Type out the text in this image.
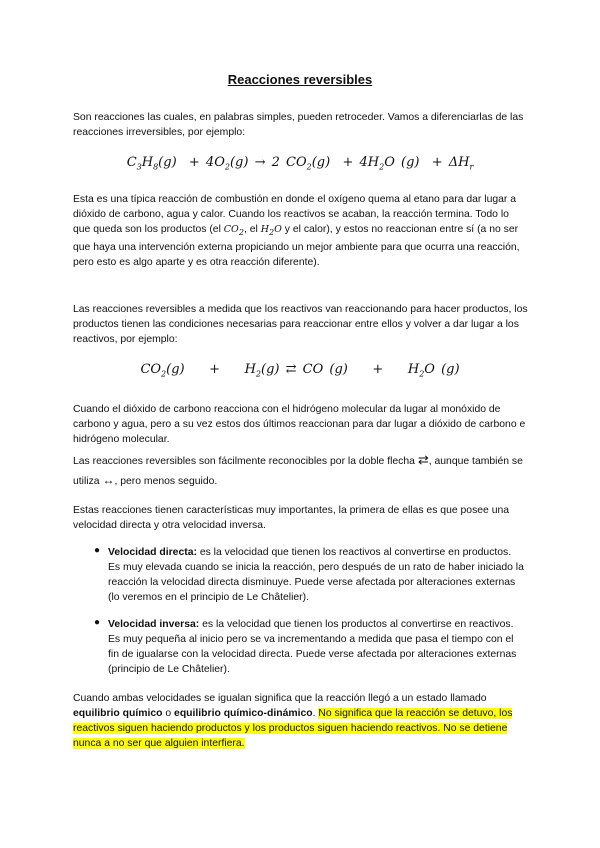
Reacciones reversibles
Son reacciones las cuales, en palabras simples, pueden retroceder. Vamos a diferenciarlas de las reacciones irreversibles, por ejemplo:
$C_3H_8(g) + 4O_2(g) \to 2$ $CO_2(g) + 4H_2O$ $(g) + \Delta H_r$
Esta es una típica reacción de combustión en donde el oxígeno quema al etano para dar lugar a dióxido de carbono, agua y calor. Cuando los reactivos se acaban, la reacción termina. Todo lo que queda son los productos (el $CO_2$, el $H_2O$ y el calor), y estos no reaccionan entre sí (a no ser que haya una intervención externa propiciando un mejor ambiente para que ocurra una reacción, pero esto es algo aparte y es otra reacción diferente).
Las reacciones reversibles a medida que los reactivos van reaccionando para hacer productos, los productos tienen las condiciones necesarias para reaccionar entre ellos y volver a dar lugar a los reactivos, por ejemplo:
$CO_2(g) + H_2(g)$ ⇄ CO $(g) + H_2O$ (g)
Cuando el dióxido de carbono reacciona con el hidrógeno molecular da lugar al monóxido de carbono y agua, pero a su vez estos dos últimos reaccionan para dar lugar a dióxido de carbono e hidrógeno molecular.
Las reacciones reversibles son fácilmente reconocibles por la doble flecha ⇄, aunque también se utiliza ↔, pero menos seguido.
Estas reacciones tienen características muy importantes, la primera de ellas es que posee una velocidad directa y otra velocidad inversa.
● Velocidad directa: es la velocidad que tienen los reactivos al convertirse en productos. Es muy elevada cuando se inicia la reacción, pero después de un rato de haber iniciado la reacción la velocidad directa disminuye. Puede verse afectada por alteraciones externas (lo veremos en el principio de Le Châtelier).
● Velocidad inversa: es la velocidad que tienen los productos al convertirse en reactivos. Es muy pequeña al inicio pero se va incrementando a medida que pasa el tiempo con el fin de igualarse con la velocidad directa. Puede verse afectada por alteraciones externas (principio de Le Châtelier).
Cuando ambas velocidades se igualan significa que la reacción llegó a un estado llamado equilibrio químico o equilibrio químico-dinámico. No significa que la reacción se detuvo, los reactivos siguen haciendo productos y los productos siguen haciendo reactivos. No se detiene nunca a no ser que alguien interfiera.
